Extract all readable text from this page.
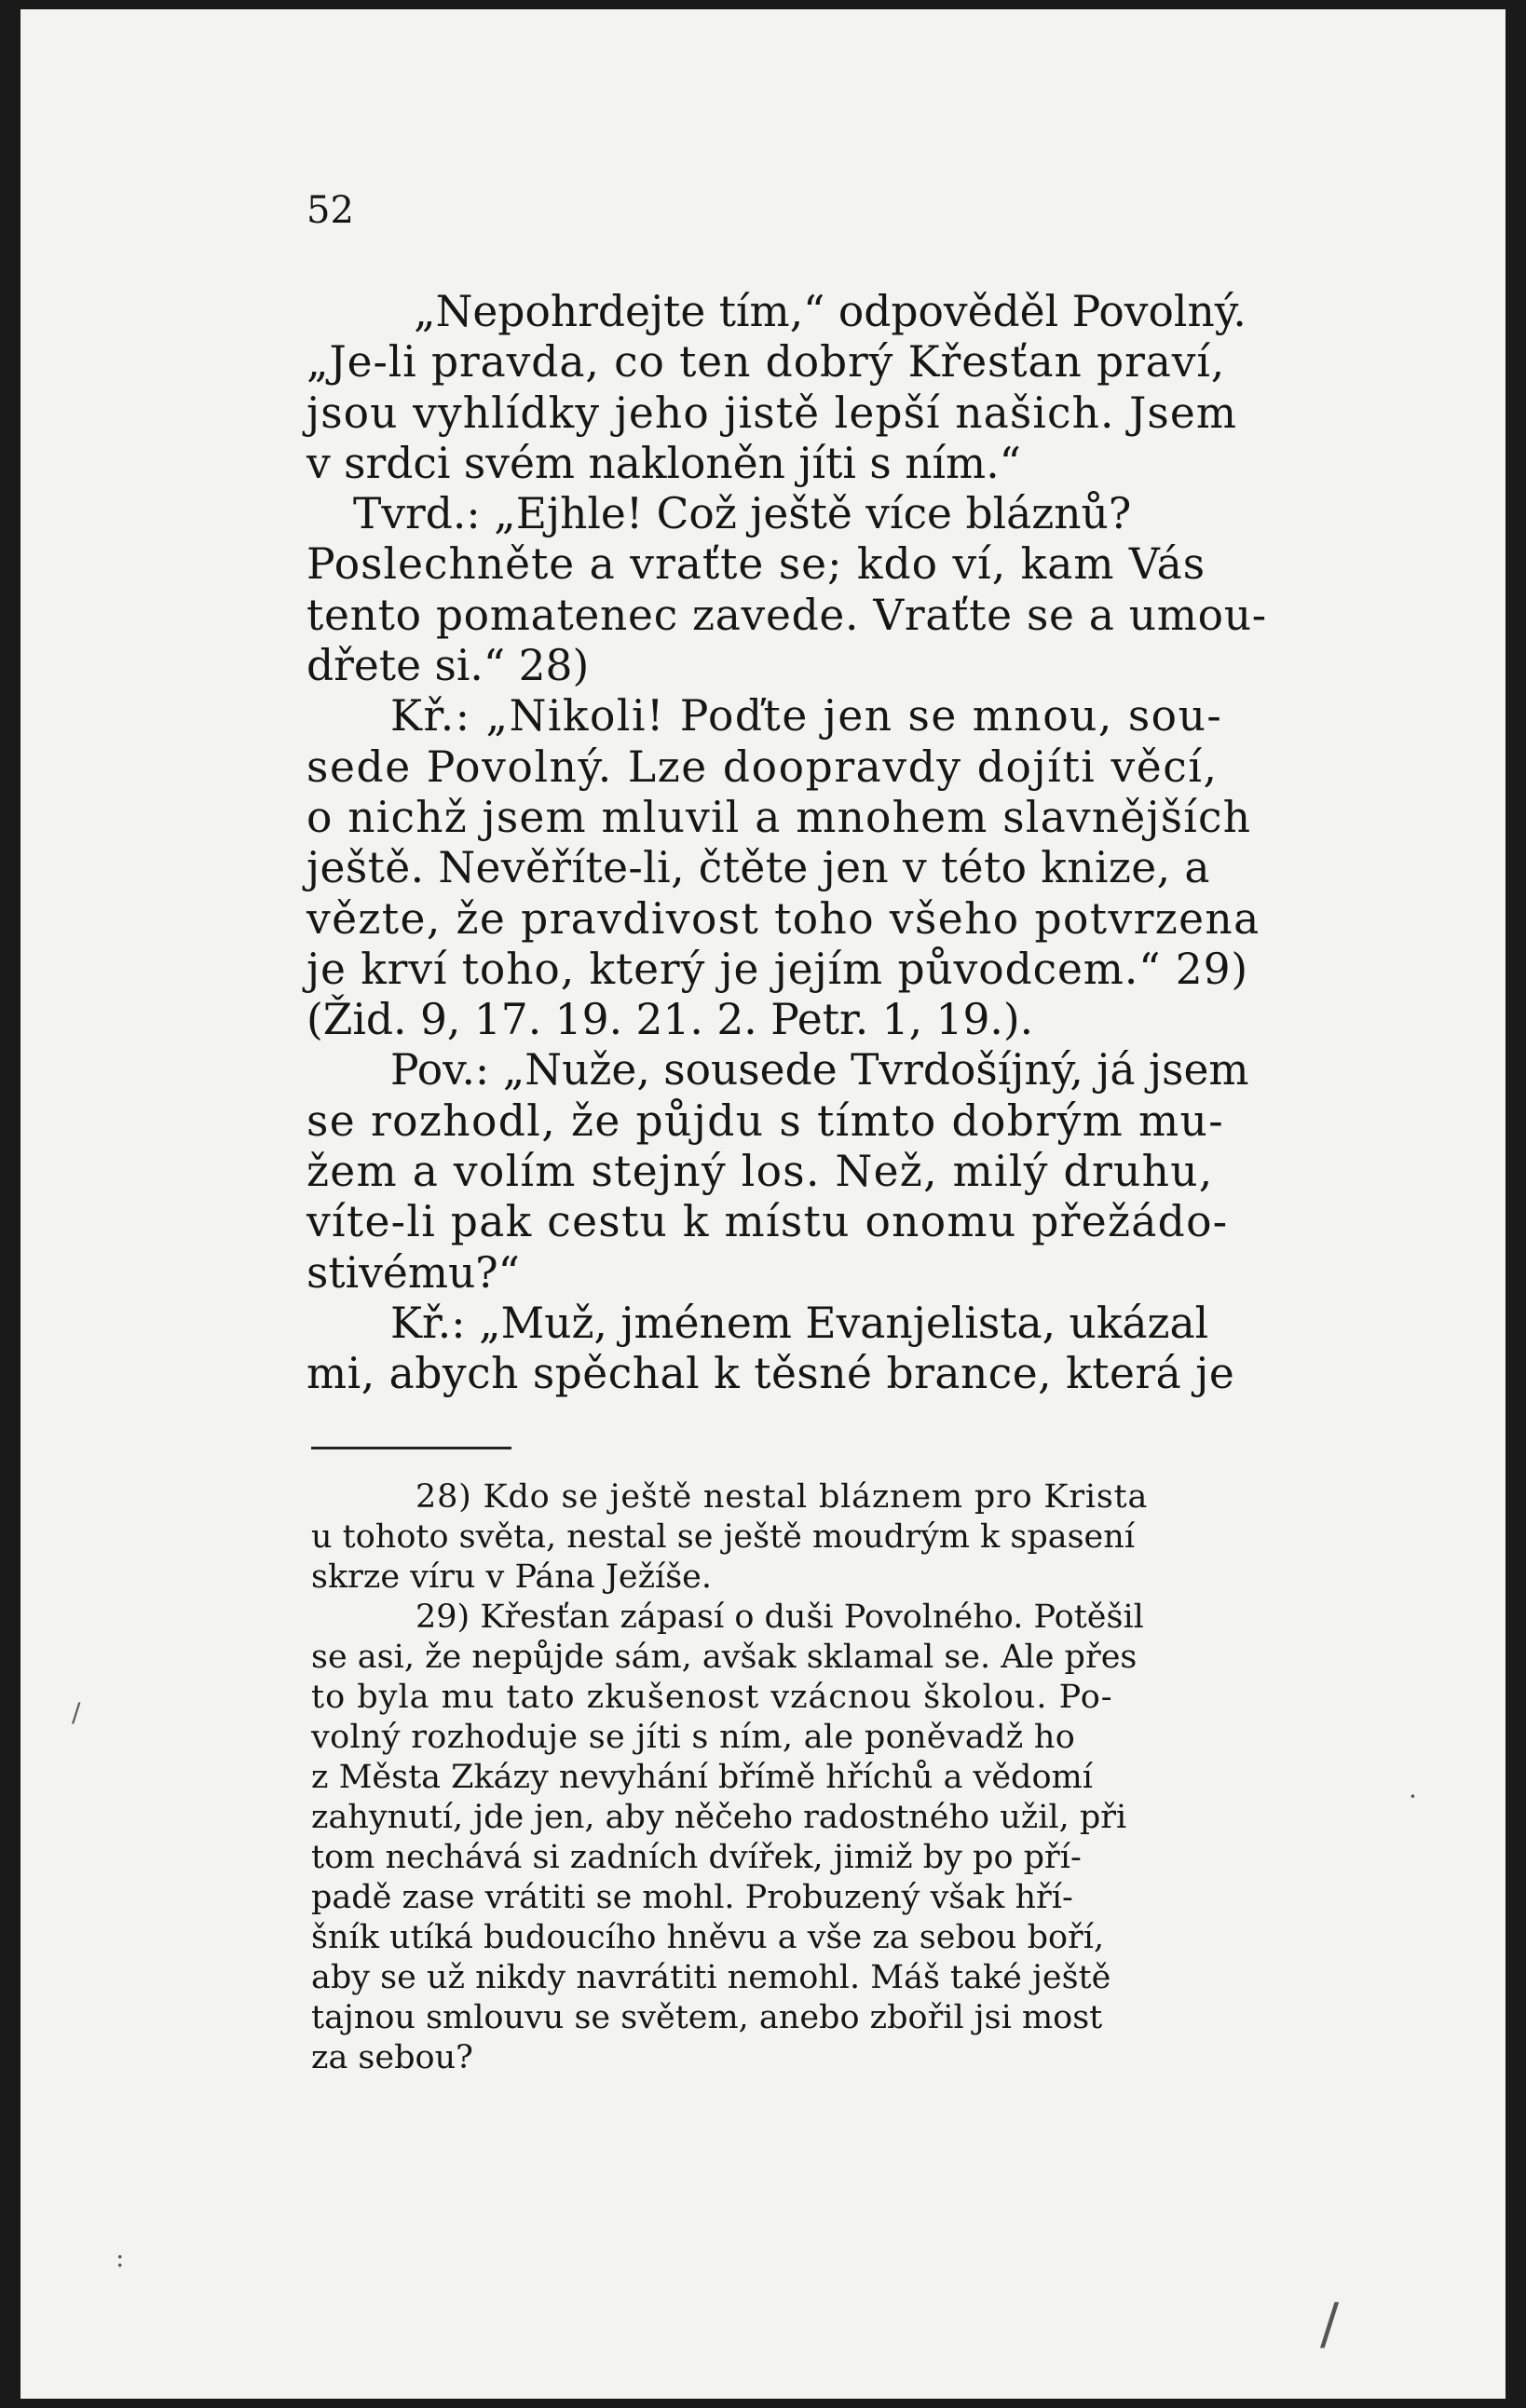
52
„Nepohrdejte tím,“ odpověděl Povolný.
„Je-li pravda, co ten dobrý Křesťan praví,
jsou vyhlídky jeho jistě lepší našich. Jsem
v srdci svém nakloněn jíti s ním.“
Tvrd.: „Ejhle! Což ještě více bláznů?
Poslechněte a vraťte se; kdo ví, kam Vás
tento pomatenec zavede. Vraťte se a umou-
dřete si.“ 28)
Kř.: „Nikoli! Poďte jen se mnou, sou-
sede Povolný. Lze doopravdy dojíti věcí,
o nichž jsem mluvil a mnohem slavnějších
ještě. Nevěříte-li, čtěte jen v této knize, a
vězte, že pravdivost toho všeho potvrzena
je krví toho, který je jejím původcem.“ 29)
(Žid. 9, 17. 19. 21. 2. Petr. 1, 19.).
Pov.: „Nuže, sousede Tvrdošíjný, já jsem
se rozhodl, že půjdu s tímto dobrým mu-
žem a volím stejný los. Než, milý druhu,
víte-li pak cestu k místu onomu přežádo-
stivému?“
Kř.: „Muž, jménem Evanjelista, ukázal
mi, abych spěchal k těsné brance, která je
28) Kdo se ještě nestal bláznem pro Krista
u tohoto světa, nestal se ještě moudrým k spasení
skrze víru v Pána Ježíše.
29) Křesťan zápasí o duši Povolného. Potěšil
se asi, že nepůjde sám, avšak sklamal se. Ale přes
to byla mu tato zkušenost vzácnou školou. Po-
volný rozhoduje se jíti s ním, ale poněvadž ho
z Města Zkázy nevyhání břímě hříchů a vědomí
zahynutí, jde jen, aby něčeho radostného užil, při
tom nechává si zadních dvířek, jimiž by po pří-
padě zase vrátiti se mohl. Probuzený však hří-
šník utíká budoucího hněvu a vše za sebou boří,
aby se už nikdy navrátiti nemohl. Máš také ještě
tajnou smlouvu se světem, anebo zbořil jsi most
za sebou?
/
·
:
/
